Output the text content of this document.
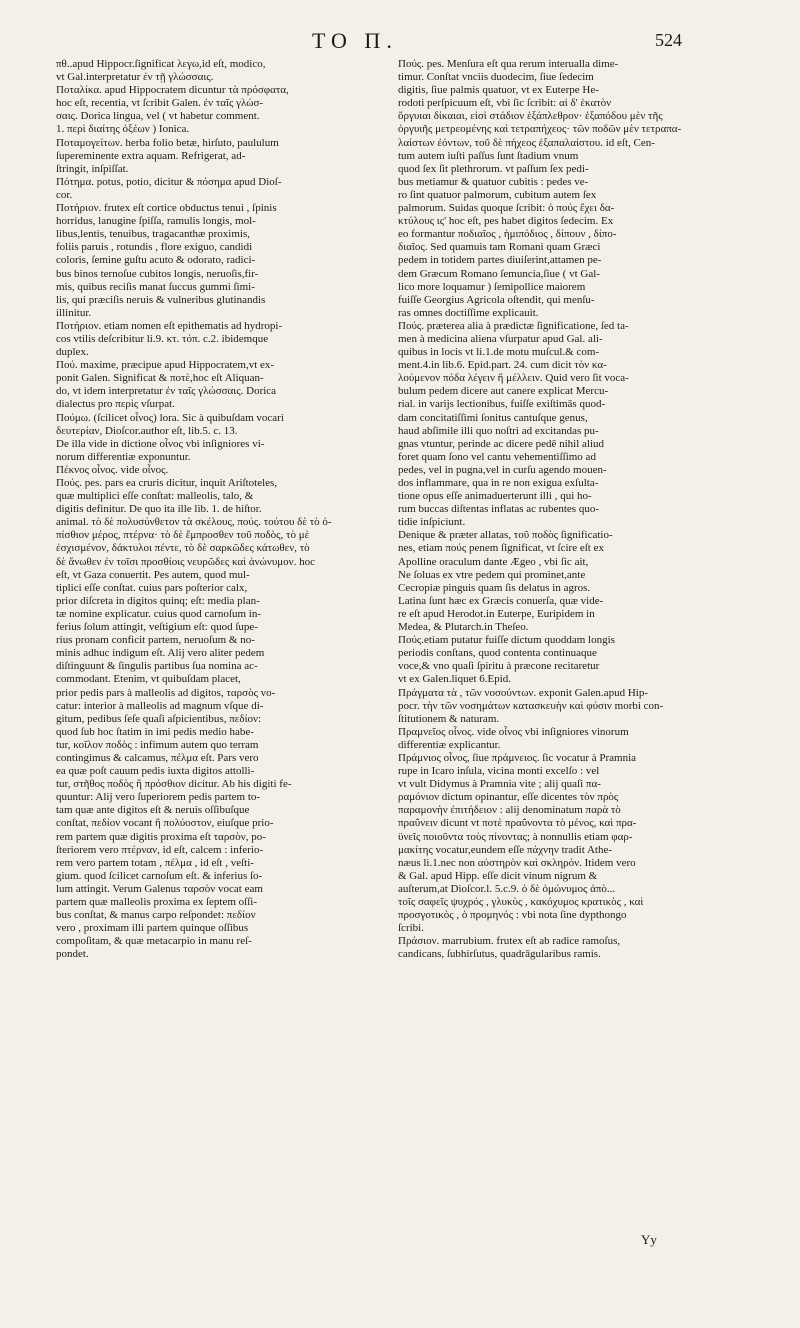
TO Π.	524
πθ..apud Hippocr.ſignificat λεγω,id eſt, modico,
vt Gal.interpretatur ἐν τῇ γλώσσαις.
Ποταλίκα. apud Hippocratem dicuntur τὰ πρόσφατα,
hoc eſt, recentia, vt ſcribit Galen. ἐν ταῖς γλώσ-
σαις. Dorica lingua, vel ( vt habetur comment.
1. περὶ διαίτης ὀξέων ) Ionica.
Ποταμογείτων. herba folio betæ, hirſuto, paululum
ſupereminente extra aquam. Refrigerat, ad-
ſtringit, inſpiſſat.
Πότημα. potus, potio, dicitur & πόσημα apud Dioſ-
cor.
Ποτήριον. frutex eſt cortice obductus tenui , ſpinis
horridus, lanugine ſpiſſa, ramulis longis, mol-
libus,lentis, tenuibus, tragacanthæ proximis,
foliis paruis , rotundis , flore exiguo, candidi
coloris, ſemine guſtu acuto & odorato, radici-
bus binos ternoſue cubitos longis, neruoſis,fir-
mis, quibus reciſis manat ſuccus gummi ſimi-
lis, qui præciſis neruis & vulneribus glutinandis
illinitur.
Ποτήριον. etiam nomen eſt epithematis ad hydropi-
cos vtilis deſcribitur li.9. κτ. τόπ. c.2. ibidemque
duplex.
Πού. maxime, præcipue apud Hippocratem,vt ex-
ponit Galen. Significat & ποτὲ,hoc eſt Aliquan-
do, vt idem interpretatur ἐν ταῖς γλώσσαις. Dorica
dialectus pro περὶς vſurpat.
Πούμω. (ſcilicet οἶνος) lora. Sic à quibuſdam vocari
δευτερίαν, Dioſcor.author eſt, lib.5. c. 13.
De illa vide in dictione οἶνος vbi inſigniores vi-
norum differentiæ exponuntur.
Πέκνος οἶνος. vide οἶνος.
Πούς. pes. pars ea cruris dicitur, inquit Ariſtoteles,
quæ multiplici eſſe conſtat: malleolis, talo, &
digitis definitur. De quo ita ille lib. 1. de hiſtor.
animal. τὸ δὲ πολυσύνθετον τὰ σκέλους, πούς. τούτου δὲ τὸ ὀ-
πίσθιον μέρος, πτέρνα· τὸ δὲ ἔμπροσθεν τοῦ ποδὸς, τὸ μὲ
ἐσχισμένον, δάκτυλοι πέντε, τὸ δὲ σαρκῶδες κάτωθεν, τὸ
δὲ ἄνωθεν ἐν τοῖσι προσθίοις νευρῶδες καὶ ἀνώνυμον. hoc
eſt, vt Gaza conuertit. Pes autem, quod mul-
tiplici eſſe conſtat. cuius pars poſterior calx,
prior diſcreta in digitos quinq; eſt: media plan-
tæ nomine explicatur. cuius quod carnoſum in-
ferius ſolum attingit, veſtigium eſt: quod ſupe-
rius pronam conficit partem, neruoſum & no-
minis adhuc indigum eſt. Alij vero aliter pedem
diſtinguunt & ſingulis partibus ſua nomina ac-
commodant. Etenim, vt quibuſdam placet,
prior pedis pars à malleolis ad digitos, ταρσὸς vo-
catur: interior à malleolis ad magnum vſque di-
gitum, pedibus ſeſe quaſi aſpicientibus, πεδίον:
quod ſub hoc ſtatim in imi pedis medio habe-
tur, κοῖλον ποδὸς : infimum autem quo terram
contingimus & calcamus, πέλμα eſt. Pars vero
ea quæ poſt cauum pedis iuxta digitos attolli-
tur, στῆθος ποδὸς ἢ πρόσθιον dicitur. Ab his digiti fe-
quuntur: Alij vero ſuperiorem pedis partem to-
tam quæ ante digitos eſt & neruis oſſibuſque
conſtat, πεδίον vocant ἢ πολύοστον, eiuſque prio-
rem partem quæ digitis proxima eſt ταρσὸν, po-
ſteriorem vero πτέρναν, id eſt, calcem : inferio-
rem vero partem totam , πέλμα , id eſt , veſti-
gium. quod ſcilicet carnoſum eſt. & inferius ſo-
lum attingit. Verum Galenus ταρσὸν vocat eam
partem quæ malleolis proxima ex ſeptem oſſi-
bus conſtat, & manus carpo reſpondet: πεδίον
vero , proximam illi partem quinque oſſibus
compoſitam, & quæ metacarpio in manu reſ-
pondet.
Πούς. pes. Menſura eſt qua rerum interualla dime-
timur. Conſtat vnciis duodecim, ſiue ſedecim
digitis, ſiue palmis quatuor, vt ex Euterpe He-
rodoti perſpicuum eſt, vbi ſic ſcribit: αἱ δ' ἑκατὸν
ὄργυιαι δίκαιαι, εἰσὶ στάδιον ἑξάπλεθρον· ἑξαπόδου μὲν τῆς
ὀργυιῆς μετρεομένης καὶ τετραπήχεος· τῶν ποδῶν μὲν τετραπα-
λαίστων ἐόντων, τοῦ δὲ πήχεος ἑξαπαλαίστου. id eſt, Cen-
tum autem iuſti paſſus ſunt ſtadium vnum
quod ſex ſit plethrorum. vt paſſum ſex pedi-
bus metiamur & quatuor cubitis : pedes ve-
ro ſint quatuor palmorum, cubitum autem ſex
palmorum. Suidas quoque ſcribit: ὁ πούς ἔχει δα-
κτύλους ις' hoc eſt, pes habet digitos ſedecim. Ex
eo formantur ποδιαῖος , ἡμιπόδιος , δίπουν , δίπο-
διαῖος. Sed quamuis tam Romani quam Græci
pedem in totidem partes diuiſerint,attamen pe-
dem Græcum Romano ſemuncia,ſiue ( vt Gal-
lico more loquamur ) ſemipollice maiorem
fuiſſe Georgius Agricola oſtendit, qui menſu-
ras omnes doctiſſime explicauit.
Πούς. præterea alia à prædictæ ſignificatione, ſed ta-
men à medicina aliena vſurpatur apud Gal. ali-
quibus in locis vt li.1.de motu muſcul.& com-
ment.4.in lib.6. Epid.part. 24. cum dicit τὸν κα-
λούμενον πόδα λέγειν ἢ μέλλειν. Quid vero ſit voca-
bulum pedem dicere aut canere explicat Mercu-
rial. in varijs lectionibus, fuiſſe exiſtimās quod-
dam concitatiſſimi ſonitus cantuſque genus,
haud abſimile illi quo noſtri ad excitandas pu-
gnas vtuntur, perinde ac dicere pedē nihil aliud
foret quam ſono vel cantu vehementiſſimo ad
pedes, vel in pugna,vel in curſu agendo mouen-
dos inflammare, qua in re non exigua exſulta-
tione opus eſſe animaduerterunt illi , qui ho-
rum buccas diſtentas inflatas ac rubentes quo-
tidie inſpiciunt.
Denique & præter allatas, τοῦ ποδὸς ſignificatio-
nes, etiam πούς penem ſignificat, vt ſcire eſt ex
Apolline oraculum dante Ægeo , vbi ſic ait,
Ne ſoluas ex vtre pedem qui prominet,ante
Cecropiæ pinguis quam ſis delatus in agros.
Latina ſunt hæc ex Græcis conuerſa, quæ vide-
re eſt apud Herodot.in Euterpe, Euripidem in
Medea, & Plutarch.in Theſeo.
Πούς.etiam putatur fuiſſe dictum quoddam longis
periodis conſtans, quod contenta continuaque
voce,& vno quaſi ſpiritu à præcone recitaretur
vt ex Galen.liquet 6.Epid.
Πράγματα τὰ , τῶν νοσούντων. exponit Galen.apud Hip-
pocr. τὴν τῶν νοσημάτων κατασκευὴν καὶ φύσιν morbi con-
ſtitutionem & naturam.
Πραμνεῖος οἶνος. vide οἶνος vbi inſigniores vinorum
differentiæ explicantur.
Πράμνιος οἶνος, ſiue πράμνειος. ſic vocatur à Pramnia
rupe in Icaro inſula, vicina monti excelſo : vel
vt vult Didymus à Pramnia vite ; alij quaſi πα-
ραμόνιον dictum opinantur, eſſe dicentes τὸν πρὸς
παραμονὴν ἐπιτήδειον : alij denominatum παρὰ τὸ
πραΰνειν dicunt vt ποτὲ πραΰνοντα τὸ μένος, καὶ πρα-
ϋνεῖς ποιοῦντα τοὺς πίνοντας; à nonnullis etiam φαρ-
μακίτης vocatur,eundem eſſe πάχνην tradit Athe-
næus li.1.nec non αὐστηρὸν καὶ σκληρόν. Itidem vero
& Gal. apud Hipp. eſſe dicit vinum nigrum &
auſterum,at Dioſcor.l. 5.c.9. ὁ δὲ ὁμώνυμος ἀπὸ...
τοῖς σαφεῖς ψυχρός , γλυκὺς , κακόχυμος κρατικὸς , καὶ
προσγοτικὸς , ὁ προμηνός : vbi nota ſine dypthongo
ſcribi.
Πράσιον. marrubium. frutex eſt ab radice ramoſus,
candicans, ſubhirſutus, quadrāgularibus ramis.
Yy
